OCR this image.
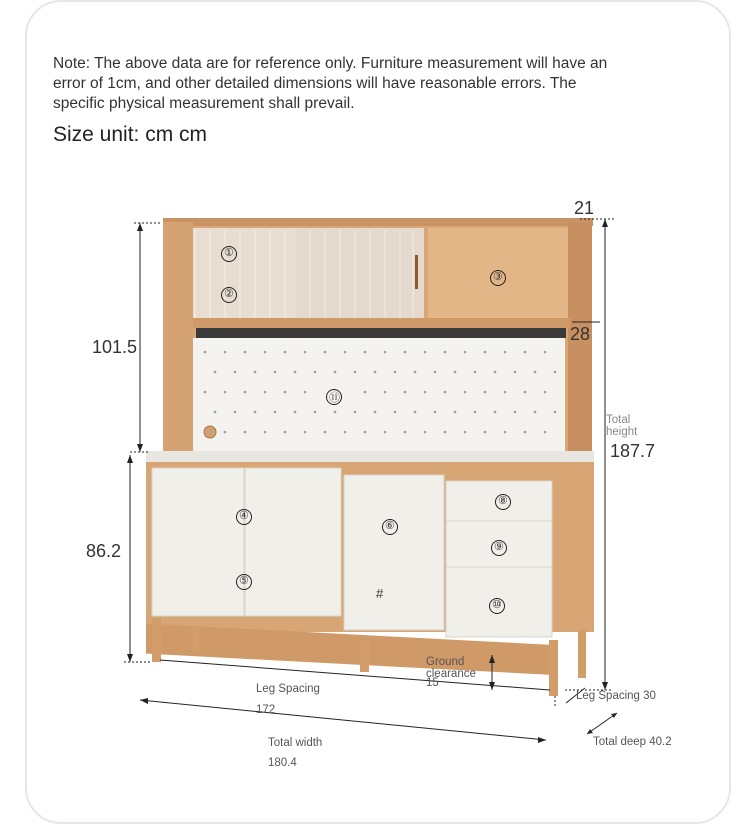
Note: The above data are for reference only. Furniture measurement will have an error of 1cm, and other detailed dimensions will have reasonable errors. The specific physical measurement shall prevail.
Size unit: cm cm
①
②
③
④
⑤
⑥
⑧
⑨
⑩
⑪
#
21
28
101.5
86.2
Total height
187.7
Ground clearance
15
Leg Spacing
172
Leg Spacing 30
Total width
180.4
Total deep 40.2
